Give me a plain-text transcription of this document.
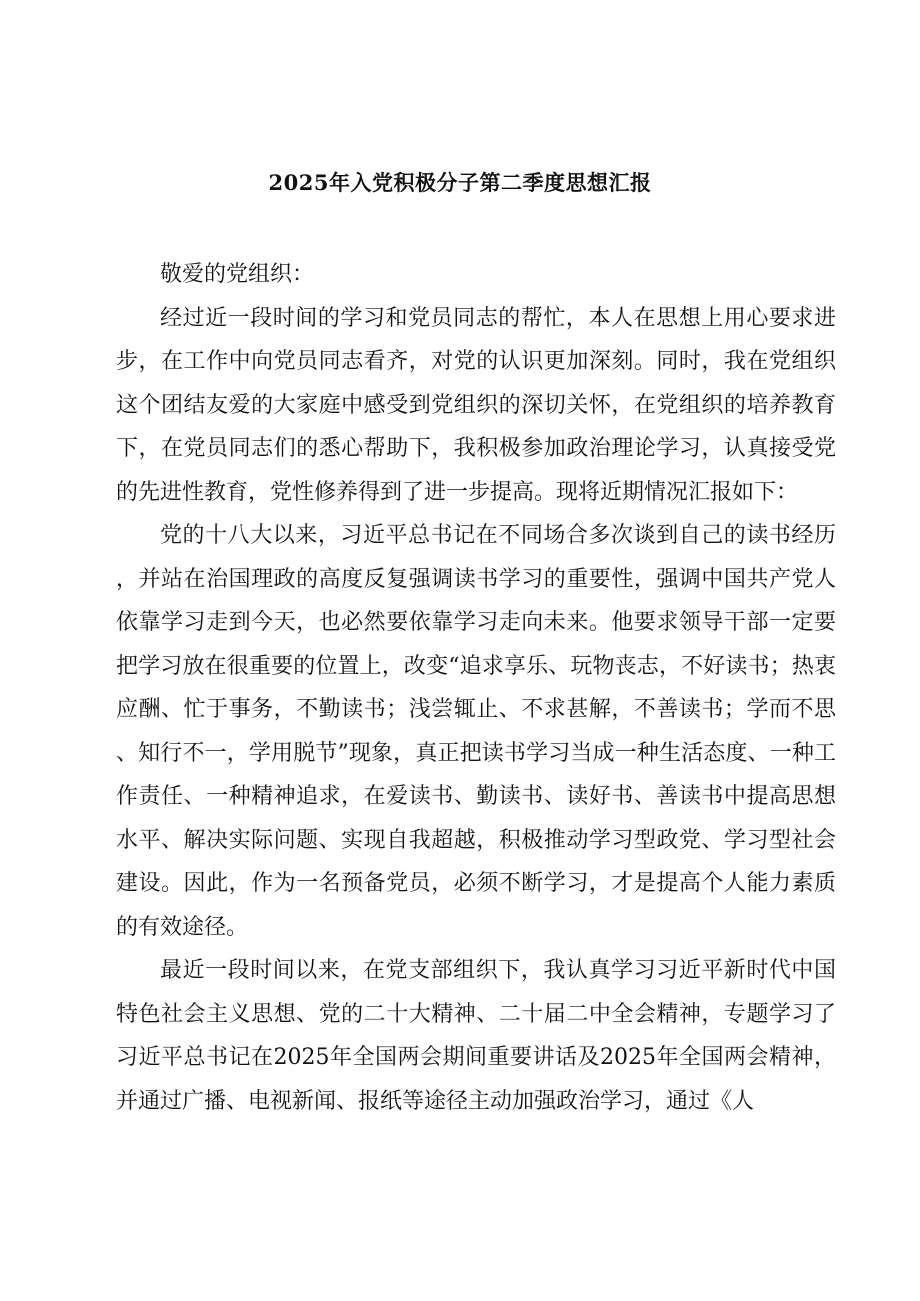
2025年入党积极分子第二季度思想汇报

敬爱的党组织：

经过近一段时间的学习和党员同志的帮忙，本人在思想上用心要求进步，在工作中向党员同志看齐，对党的认识更加深刻。同时，我在党组织这个团结友爱的大家庭中感受到党组织的深切关怀，在党组织的培养教育下，在党员同志们的悉心帮助下，我积极参加政治理论学习，认真接受党的先进性教育，党性修养得到了进一步提高。现将近期情况汇报如下：

党的十八大以来，习近平总书记在不同场合多次谈到自己的读书经历，并站在治国理政的高度反复强调读书学习的重要性，强调中国共产党人依靠学习走到今天，也必然要依靠学习走向未来。他要求领导干部一定要把学习放在很重要的位置上，改变“追求享乐、玩物丧志，不好读书；热衷应酬、忙于事务，不勤读书；浅尝辄止、不求甚解，不善读书；学而不思、知行不一，学用脱节”现象，真正把读书学习当成一种生活态度、一种工作责任、一种精神追求，在爱读书、勤读书、读好书、善读书中提高思想水平、解决实际问题、实现自我超越，积极推动学习型政党、学习型社会建设。因此，作为一名预备党员，必须不断学习，才是提高个人能力素质的有效途径。

最近一段时间以来，在党支部组织下，我认真学习习近平新时代中国特色社会主义思想、党的二十大精神、二十届二中全会精神，专题学习了习近平总书记在2025年全国两会期间重要讲话及2025年全国两会精神，并通过广播、电视新闻、报纸等途径主动加强政治学习，通过《人
